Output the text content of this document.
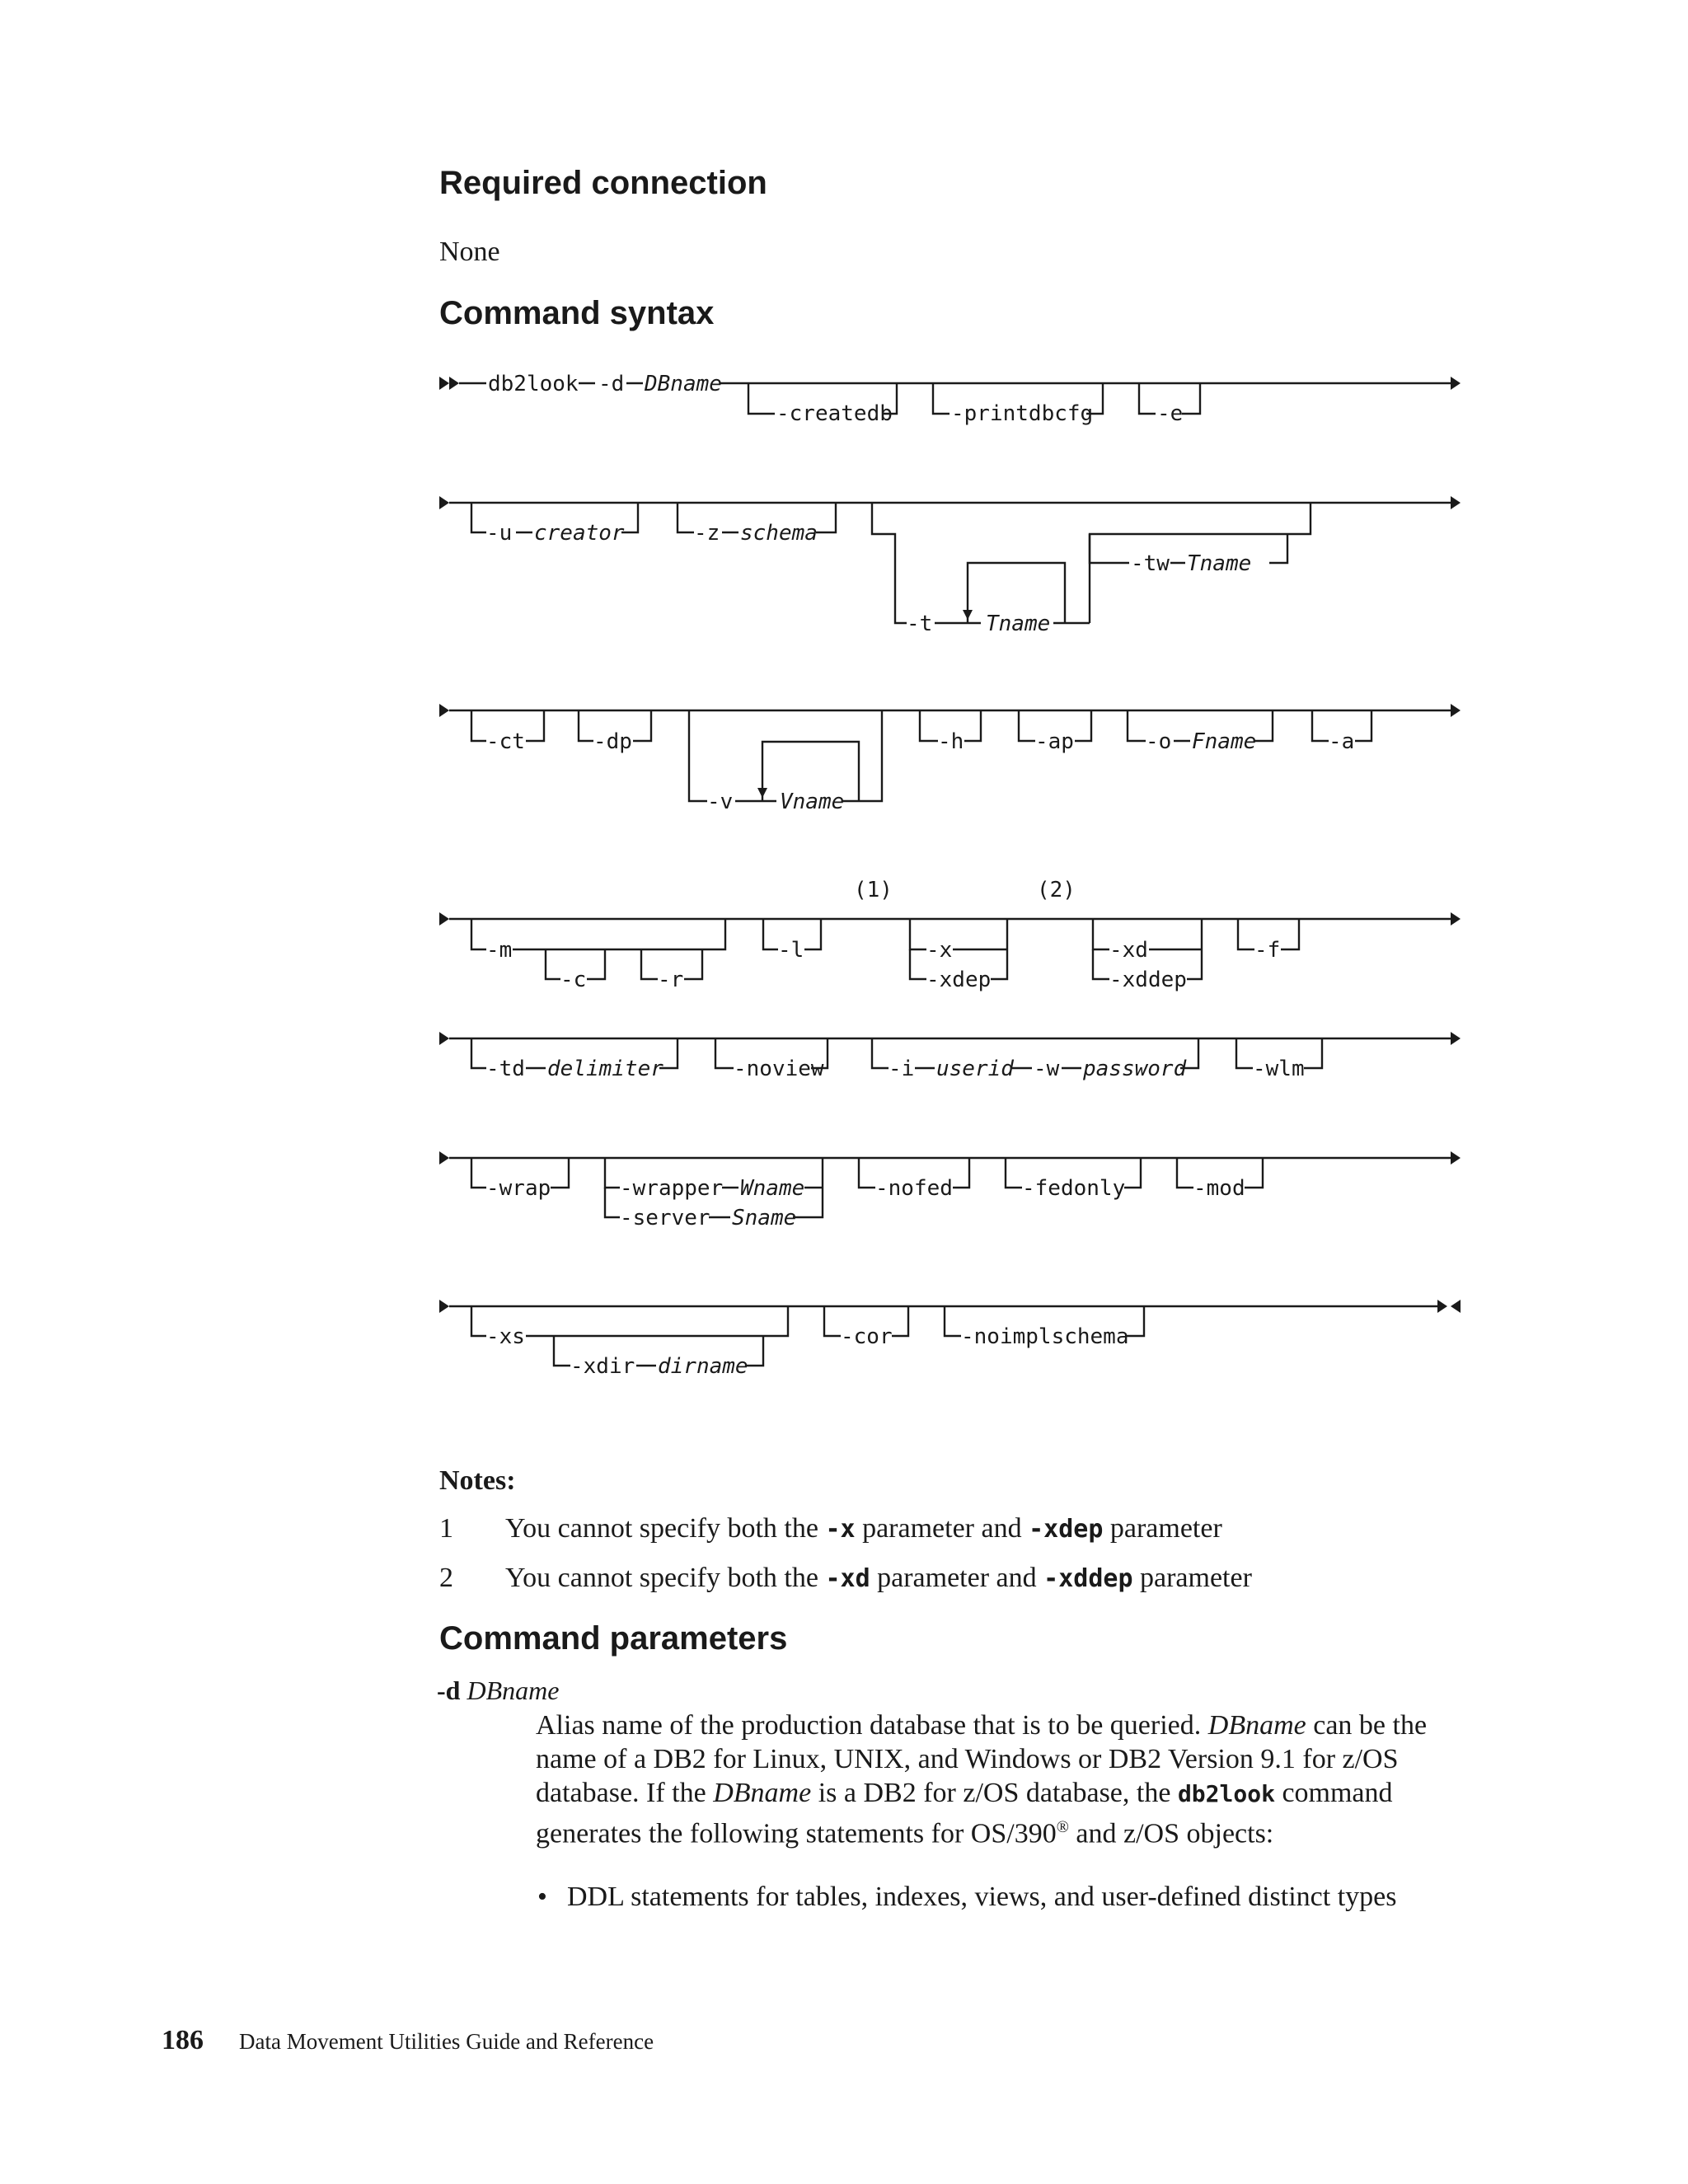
Required connection
None
Command syntax
db2look -d DBname
-createdb	-printdbcfg	-e
-u creator	-z schema
-t Tname
-tw Tname
-ct	-dp
-v Vname
-h	-ap	-o Fname	-a
(1)	(2)
-m
-c	-r
-l	-x
-xdep
-xd
-xddep
-f
-td delimiter	-noview	-i userid -w password	-wlm
-wrap	-wrapper Wname
-server Sname
-nofed	-fedonly	-mod
-xs
-xdir dirname
-cor	-noimplschema
Notes:
1 You cannot specify both the -x parameter and -xdep parameter
2 You cannot specify both the -xd parameter and -xddep parameter
Command parameters
-d DBname
Alias name of the production database that is to be queried. DBname can be the name of a DB2 for Linux, UNIX, and Windows or DB2 Version 9.1 for z/OS database. If the DBname is a DB2 for z/OS database, the db2look command generates the following statements for OS/390® and z/OS objects:
• DDL statements for tables, indexes, views, and user-defined distinct types
186 Data Movement Utilities Guide and Reference
